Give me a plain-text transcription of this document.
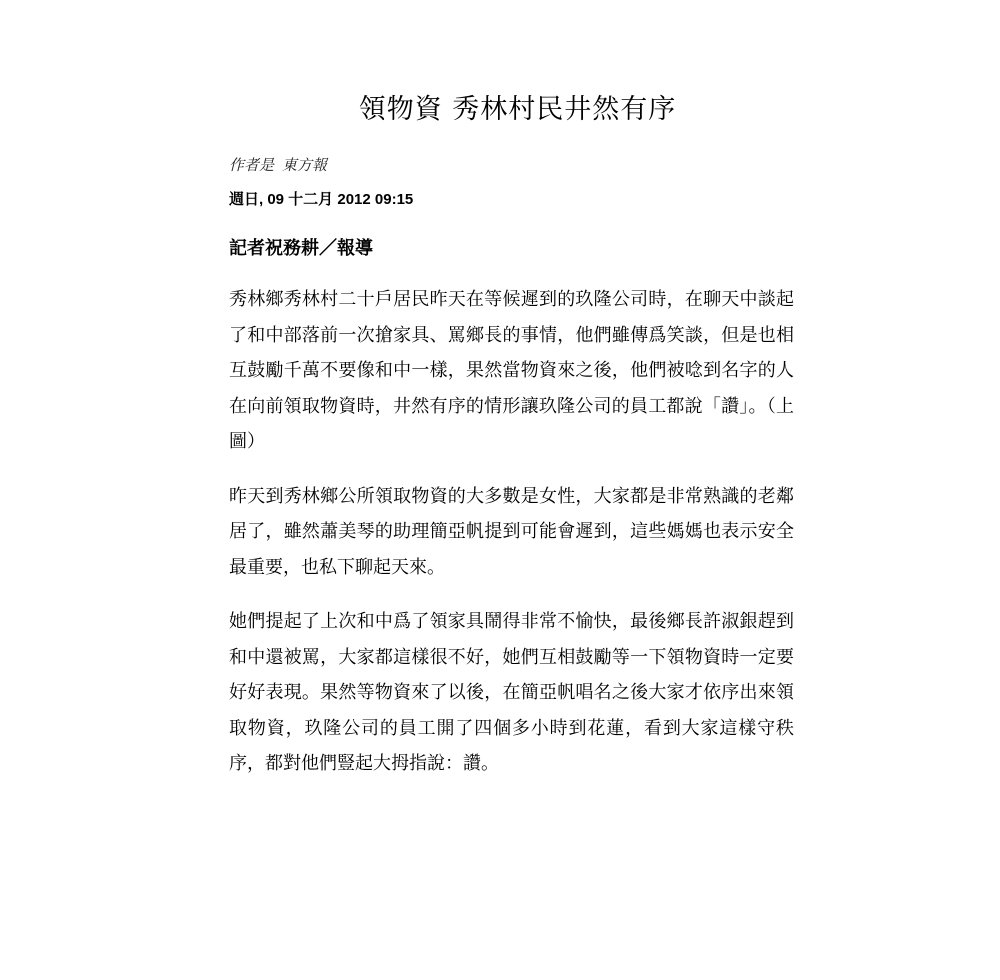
領物資 秀林村民井然有序
作者是 東方報
週日, 09 十二月 2012 09:15
記者祝務耕／報導

秀林鄉秀林村二十戶居民昨天在等候遲到的玖隆公司時，在聊天中談起了和中部落前一次搶家具、罵鄉長的事情，他們雖傳爲笑談，但是也相互鼓勵千萬不要像和中一樣，果然當物資來之後，他們被唸到名字的人在向前領取物資時，井然有序的情形讓玖隆公司的員工都說「讚」。（上圖）

昨天到秀林鄉公所領取物資的大多數是女性，大家都是非常熟識的老鄰居了，雖然蕭美琴的助理簡亞帆提到可能會遲到，這些媽媽也表示安全最重要，也私下聊起天來。

她們提起了上次和中爲了領家具鬧得非常不愉快，最後鄉長許淑銀趕到和中還被罵，大家都這樣很不好，她們互相鼓勵等一下領物資時一定要好好表現。果然等物資來了以後，在簡亞帆唱名之後大家才依序出來領取物資，玖隆公司的員工開了四個多小時到花蓮，看到大家這樣守秩序，都對他們豎起大拇指說：讚。
